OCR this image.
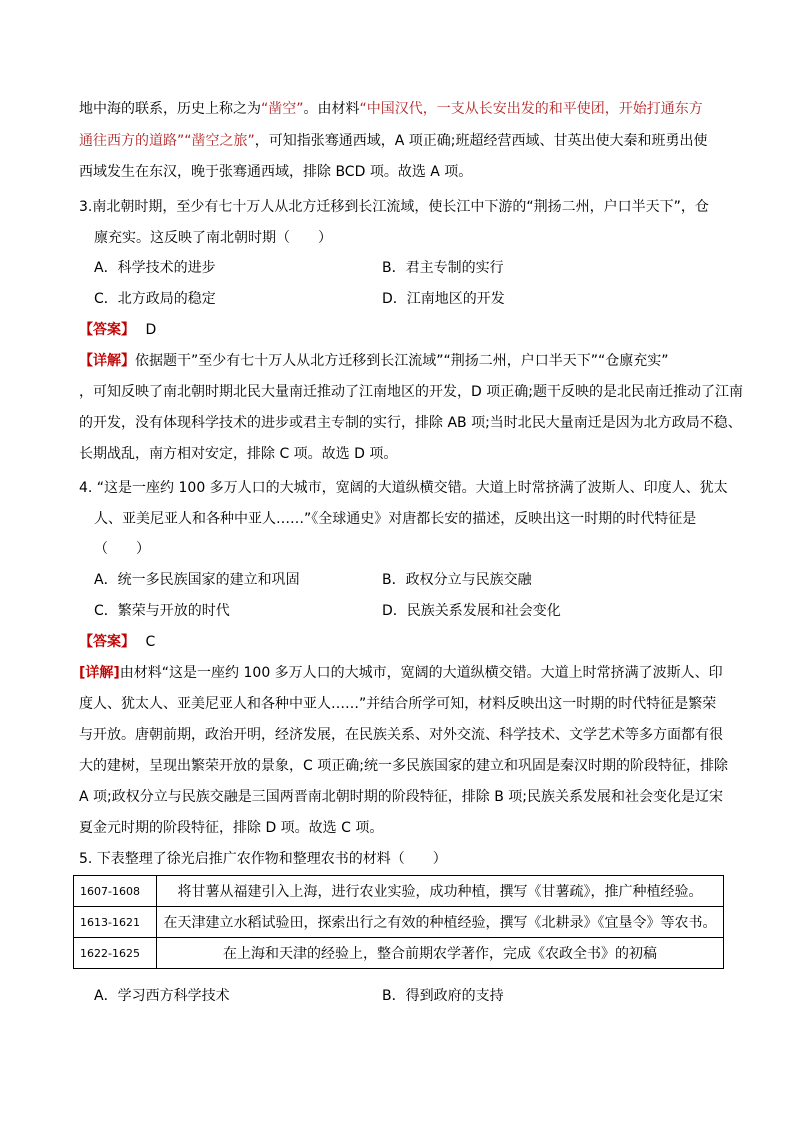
地中海的联系，历史上称之为“凿空”。由材料“中国汉代，一支从长安出发的和平使团，开始打通东方
通往西方的道路”“凿空之旅”，可知指张骞通西域，A 项正确;班超经营西域、甘英出使大秦和班勇出使
西域发生在东汉，晚于张骞通西域，排除 BCD 项。故选 A 项。
3.南北朝时期，至少有七十万人从北方迁移到长江流域，使长江中下游的“荆扬二州，户口半天下”，仓
廪充实。这反映了南北朝时期（　　）
A．科学技术的进步	B．君主专制的实行
C．北方政局的稳定	D．江南地区的开发
【答案】 D
【详解】依据题干”至少有七十万人从北方迁移到长江流域”“荆扬二州，户口半天下”“仓廪充实”
，可知反映了南北朝时期北民大量南迁推动了江南地区的开发，D 项正确;题干反映的是北民南迁推动了江南
的开发，没有体现科学技术的进步或君主专制的实行，排除 AB 项;当时北民大量南迁是因为北方政局不稳、
长期战乱，南方相对安定，排除 C 项。故选 D 项。
4. “这是一座约 100 多万人口的大城市，宽阔的大道纵横交错。大道上时常挤满了波斯人、印度人、犹太
人、亚美尼亚人和各种中亚人……”《全球通史》对唐都长安的描述，反映出这一时期的时代特征是
（　　）
A．统一多民族国家的建立和巩固	B．政权分立与民族交融
C．繁荣与开放的时代	D．民族关系发展和社会变化
【答案】 C
[详解]由材料“这是一座约 100 多万人口的大城市，宽阔的大道纵横交错。大道上时常挤满了波斯人、印
度人、犹太人、亚美尼亚人和各种中亚人……”并结合所学可知，材料反映出这一时期的时代特征是繁荣
与开放。唐朝前期，政治开明，经济发展，在民族关系、对外交流、科学技术、文学艺术等多方面都有很
大的建树，呈现出繁荣开放的景象，C 项正确;统一多民族国家的建立和巩固是秦汉时期的阶段特征，排除
A 项;政权分立与民族交融是三国两晋南北朝时期的阶段特征，排除 B 项;民族关系发展和社会变化是辽宋
夏金元时期的阶段特征，排除 D 项。故选 C 项。
5. 下表整理了徐光启推广农作物和整理农书的材料（　　）
1607-1608	将甘薯从福建引入上海，进行农业实验，成功种植，撰写《甘薯疏》，推广种植经验。
1613-1621	在天津建立水稻试验田，探索出行之有效的种植经验，撰写《北耕录》《宜垦令》等农书。
1622-1625	在上海和天津的经验上，整合前期农学著作，完成《农政全书》的初稿
A．学习西方科学技术	B．得到政府的支持
